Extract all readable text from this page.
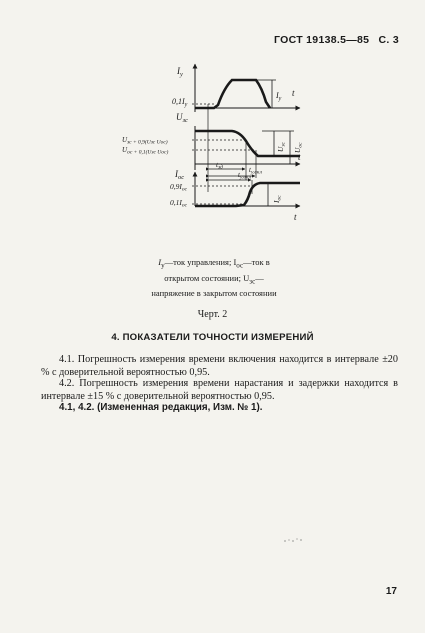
ГОСТ 19138.5—85 С. 3
$I_у$
t
$0,1I_у$
$I_у$
$U_{зс}$
$U_{зс + 0,9(U}зс$ Uос)
$U_{ос + 0,1(U}зс$ Uос)
$U_{зс}$
$U_{ос}$
t
$t_{зд}$	$t_{у.вкл}$
$I_{ос}$
$0,9I_{ос}$
$0,1I_{ос}$
$t_{у.вкл}$
$I_{ос}$
t
$I_у—ток$ управления; $I_{ос}—ток$ в открытом состоянии; $U_{зс}—$ напряжение в закрытом состоянии
Черт. 2
4. ПОКАЗАТЕЛИ ТОЧНОСТИ ИЗМЕРЕНИЙ
4.1. Погрешность измерения времени включения находится в интервале ±20 % с доверительной вероятностью 0,95.
4.2. Погрешность измерения времени нарастания и задержки находится в интервале ±15 % с доверительной вероятностью 0,95.
4.1, 4.2. (Измененная редакция, Изм. № 1).
17
